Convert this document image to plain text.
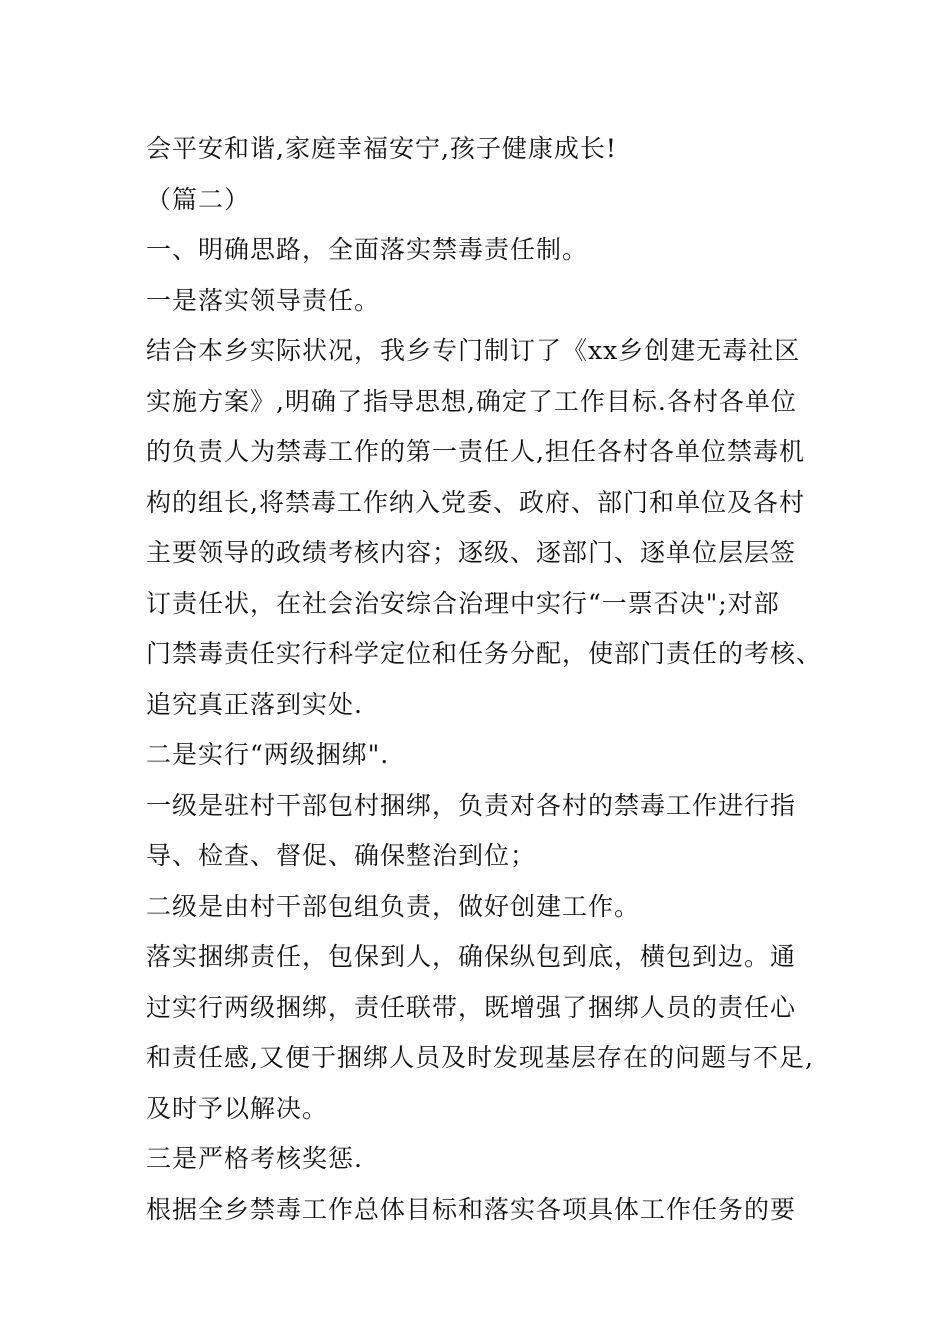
会平安和谐,家庭幸福安宁,孩子健康成长!

（篇二）

一、明确思路，全面落实禁毒责任制。

一是落实领导责任。

结合本乡实际状况，我乡专门制订了《xx乡创建无毒社区

实施方案》,明确了指导思想,确定了工作目标.各村各单位

的负责人为禁毒工作的第一责任人,担任各村各单位禁毒机

构的组长,将禁毒工作纳入党委、政府、部门和单位及各村

主要领导的政绩考核内容；逐级、逐部门、逐单位层层签

订责任状，在社会治安综合治理中实行“一票否决";对部

门禁毒责任实行科学定位和任务分配，使部门责任的考核、

追究真正落到实处.

二是实行“两级捆绑".

一级是驻村干部包村捆绑，负责对各村的禁毒工作进行指

导、检查、督促、确保整治到位；

二级是由村干部包组负责，做好创建工作。

落实捆绑责任，包保到人，确保纵包到底，横包到边。通

过实行两级捆绑，责任联带，既增强了捆绑人员的责任心

和责任感,又便于捆绑人员及时发现基层存在的问题与不足,

及时予以解决。

三是严格考核奖惩.

根据全乡禁毒工作总体目标和落实各项具体工作任务的要
